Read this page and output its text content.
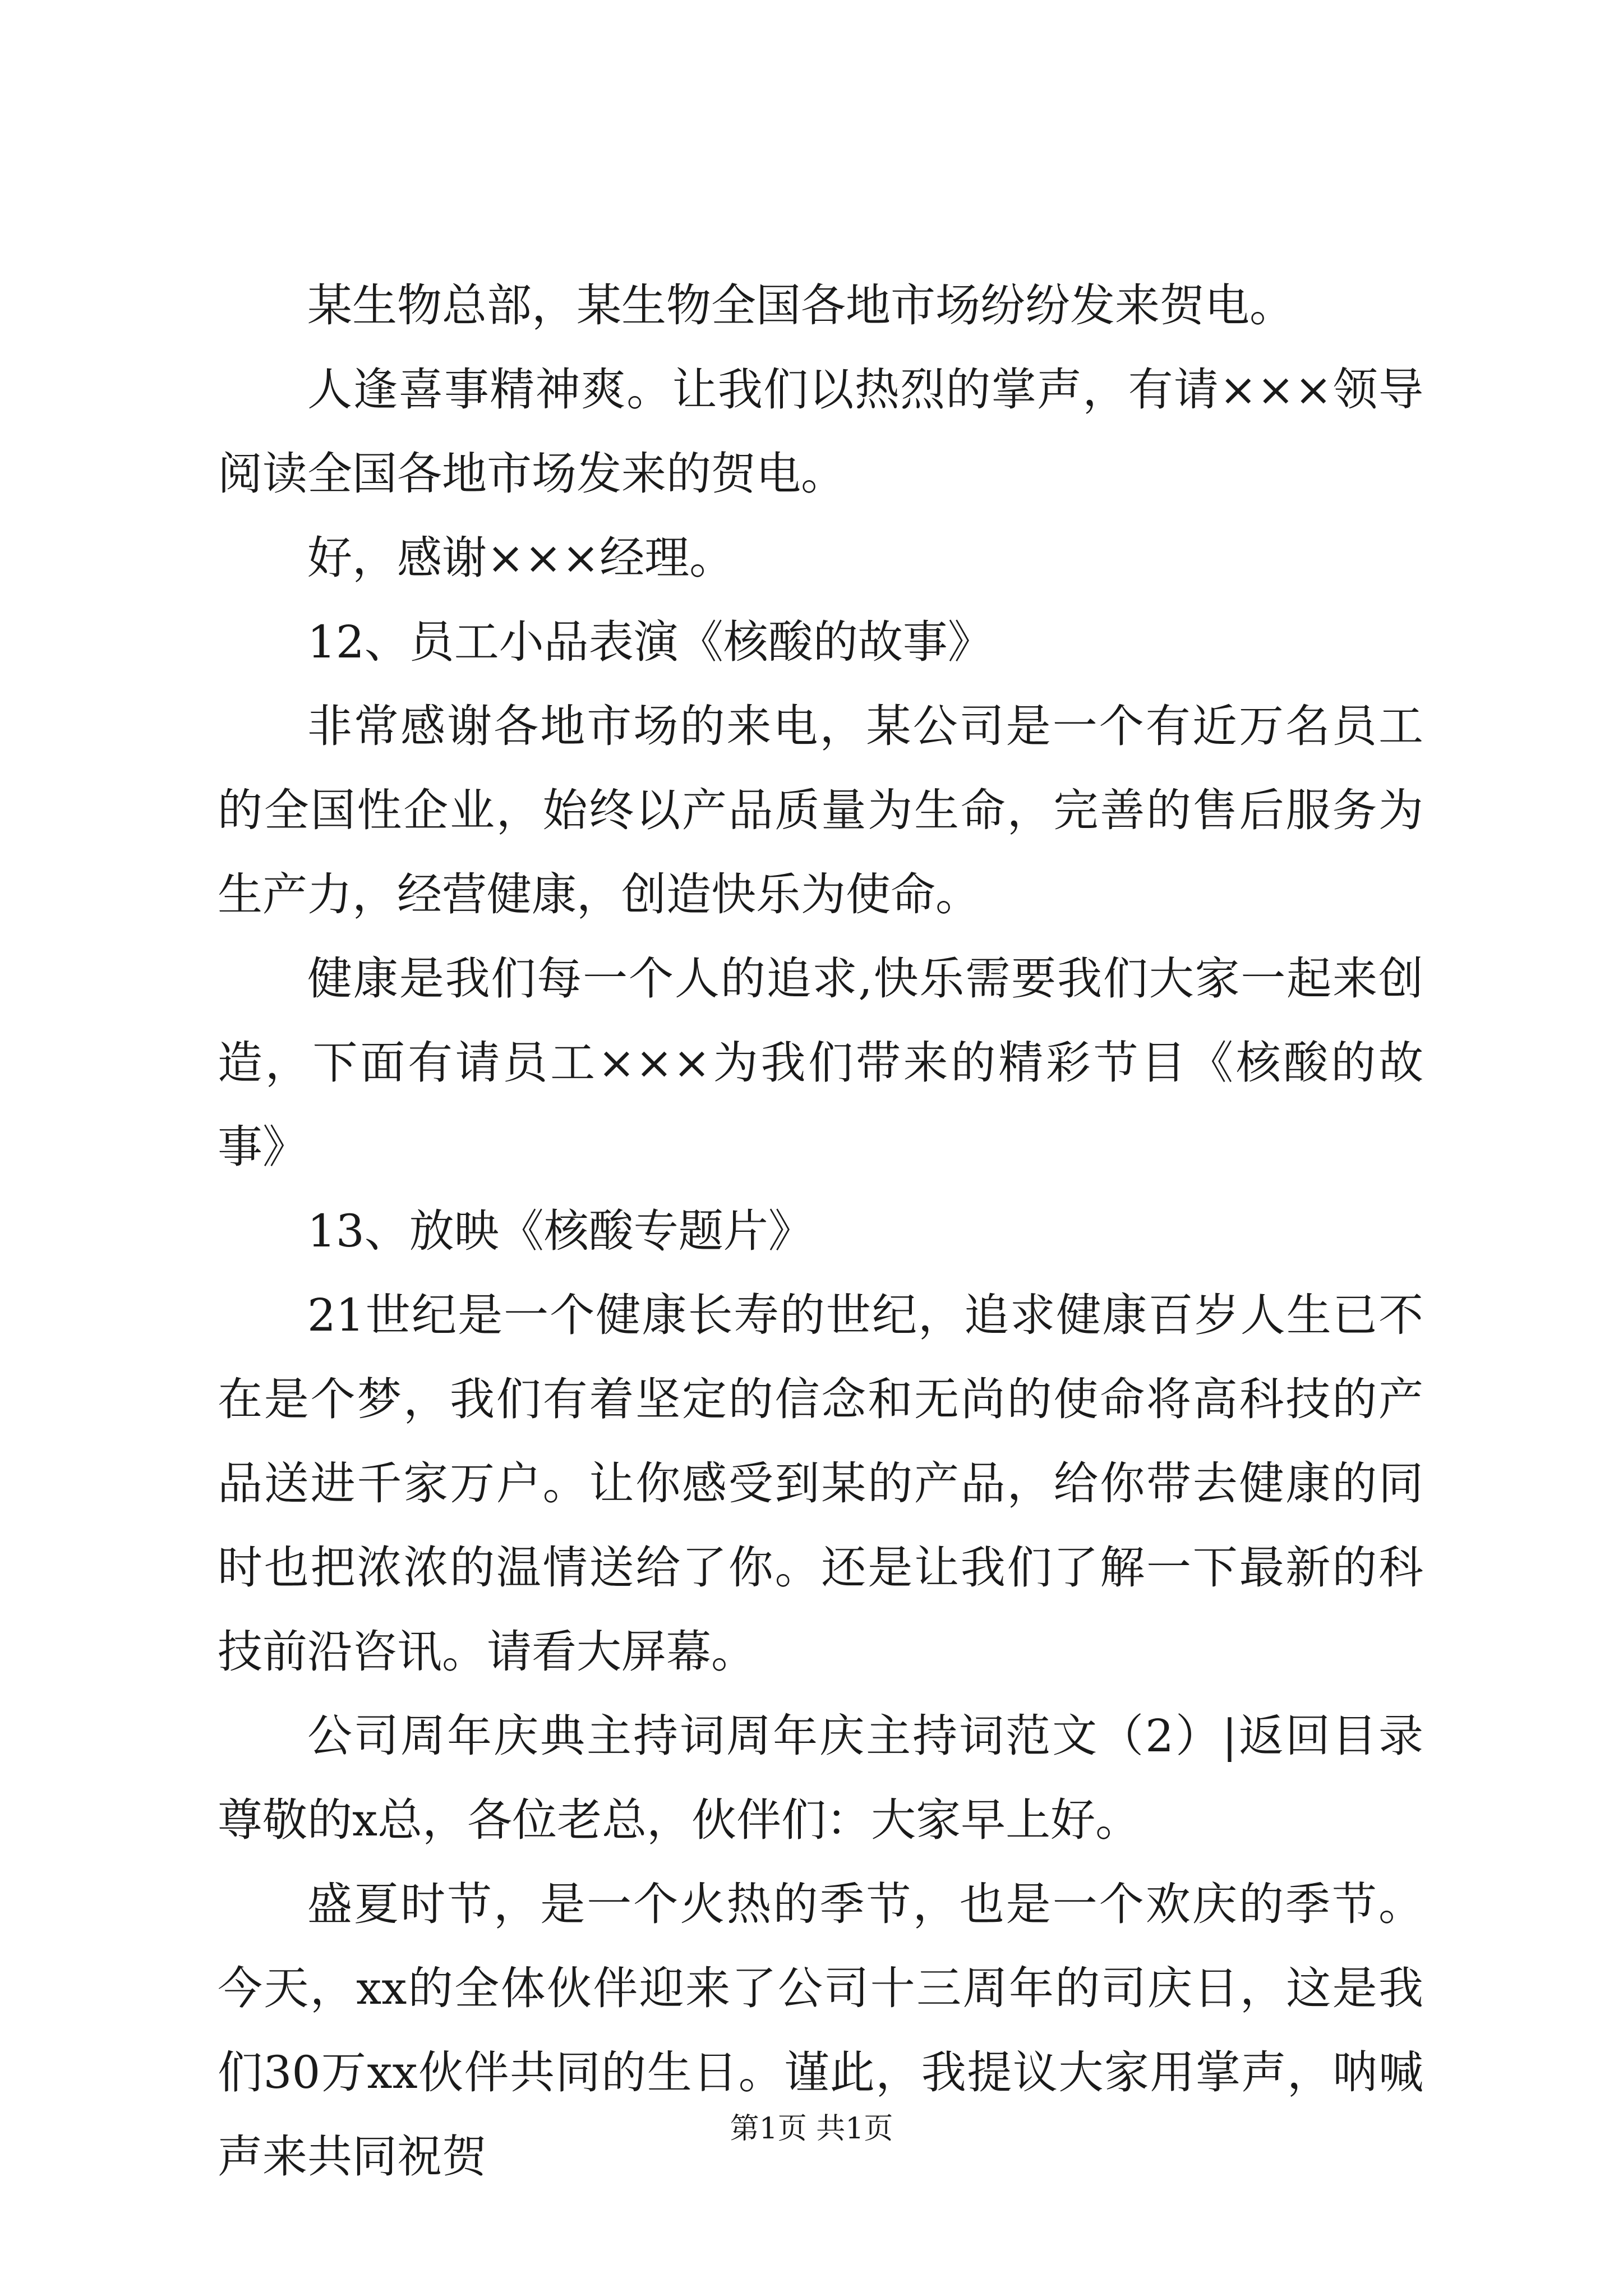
某生物总部，某生物全国各地市场纷纷发来贺电。

人逢喜事精神爽。让我们以热烈的掌声，有请×××领导阅读全国各地市场发来的贺电。

好，感谢×××经理。

12、员工小品表演《核酸的故事》

非常感谢各地市场的来电，某公司是一个有近万名员工的全国性企业，始终以产品质量为生命，完善的售后服务为生产力，经营健康，创造快乐为使命。

健康是我们每一个人的追求,快乐需要我们大家一起来创造，下面有请员工×××为我们带来的精彩节目《核酸的故事》

13、放映《核酸专题片》

21世纪是一个健康长寿的世纪，追求健康百岁人生已不在是个梦，我们有着坚定的信念和无尚的使命将高科技的产品送进千家万户。让你感受到某的产品，给你带去健康的同时也把浓浓的温情送给了你。还是让我们了解一下最新的科技前沿咨讯。请看大屏幕。

公司周年庆典主持词周年庆主持词范文（2）|返回目录尊敬的x总，各位老总，伙伴们：大家早上好。

盛夏时节，是一个火热的季节，也是一个欢庆的季节。今天，xx的全体伙伴迎来了公司十三周年的司庆日，这是我们30万xx伙伴共同的生日。谨此，我提议大家用掌声，呐喊声来共同祝贺

第1页 共1页
